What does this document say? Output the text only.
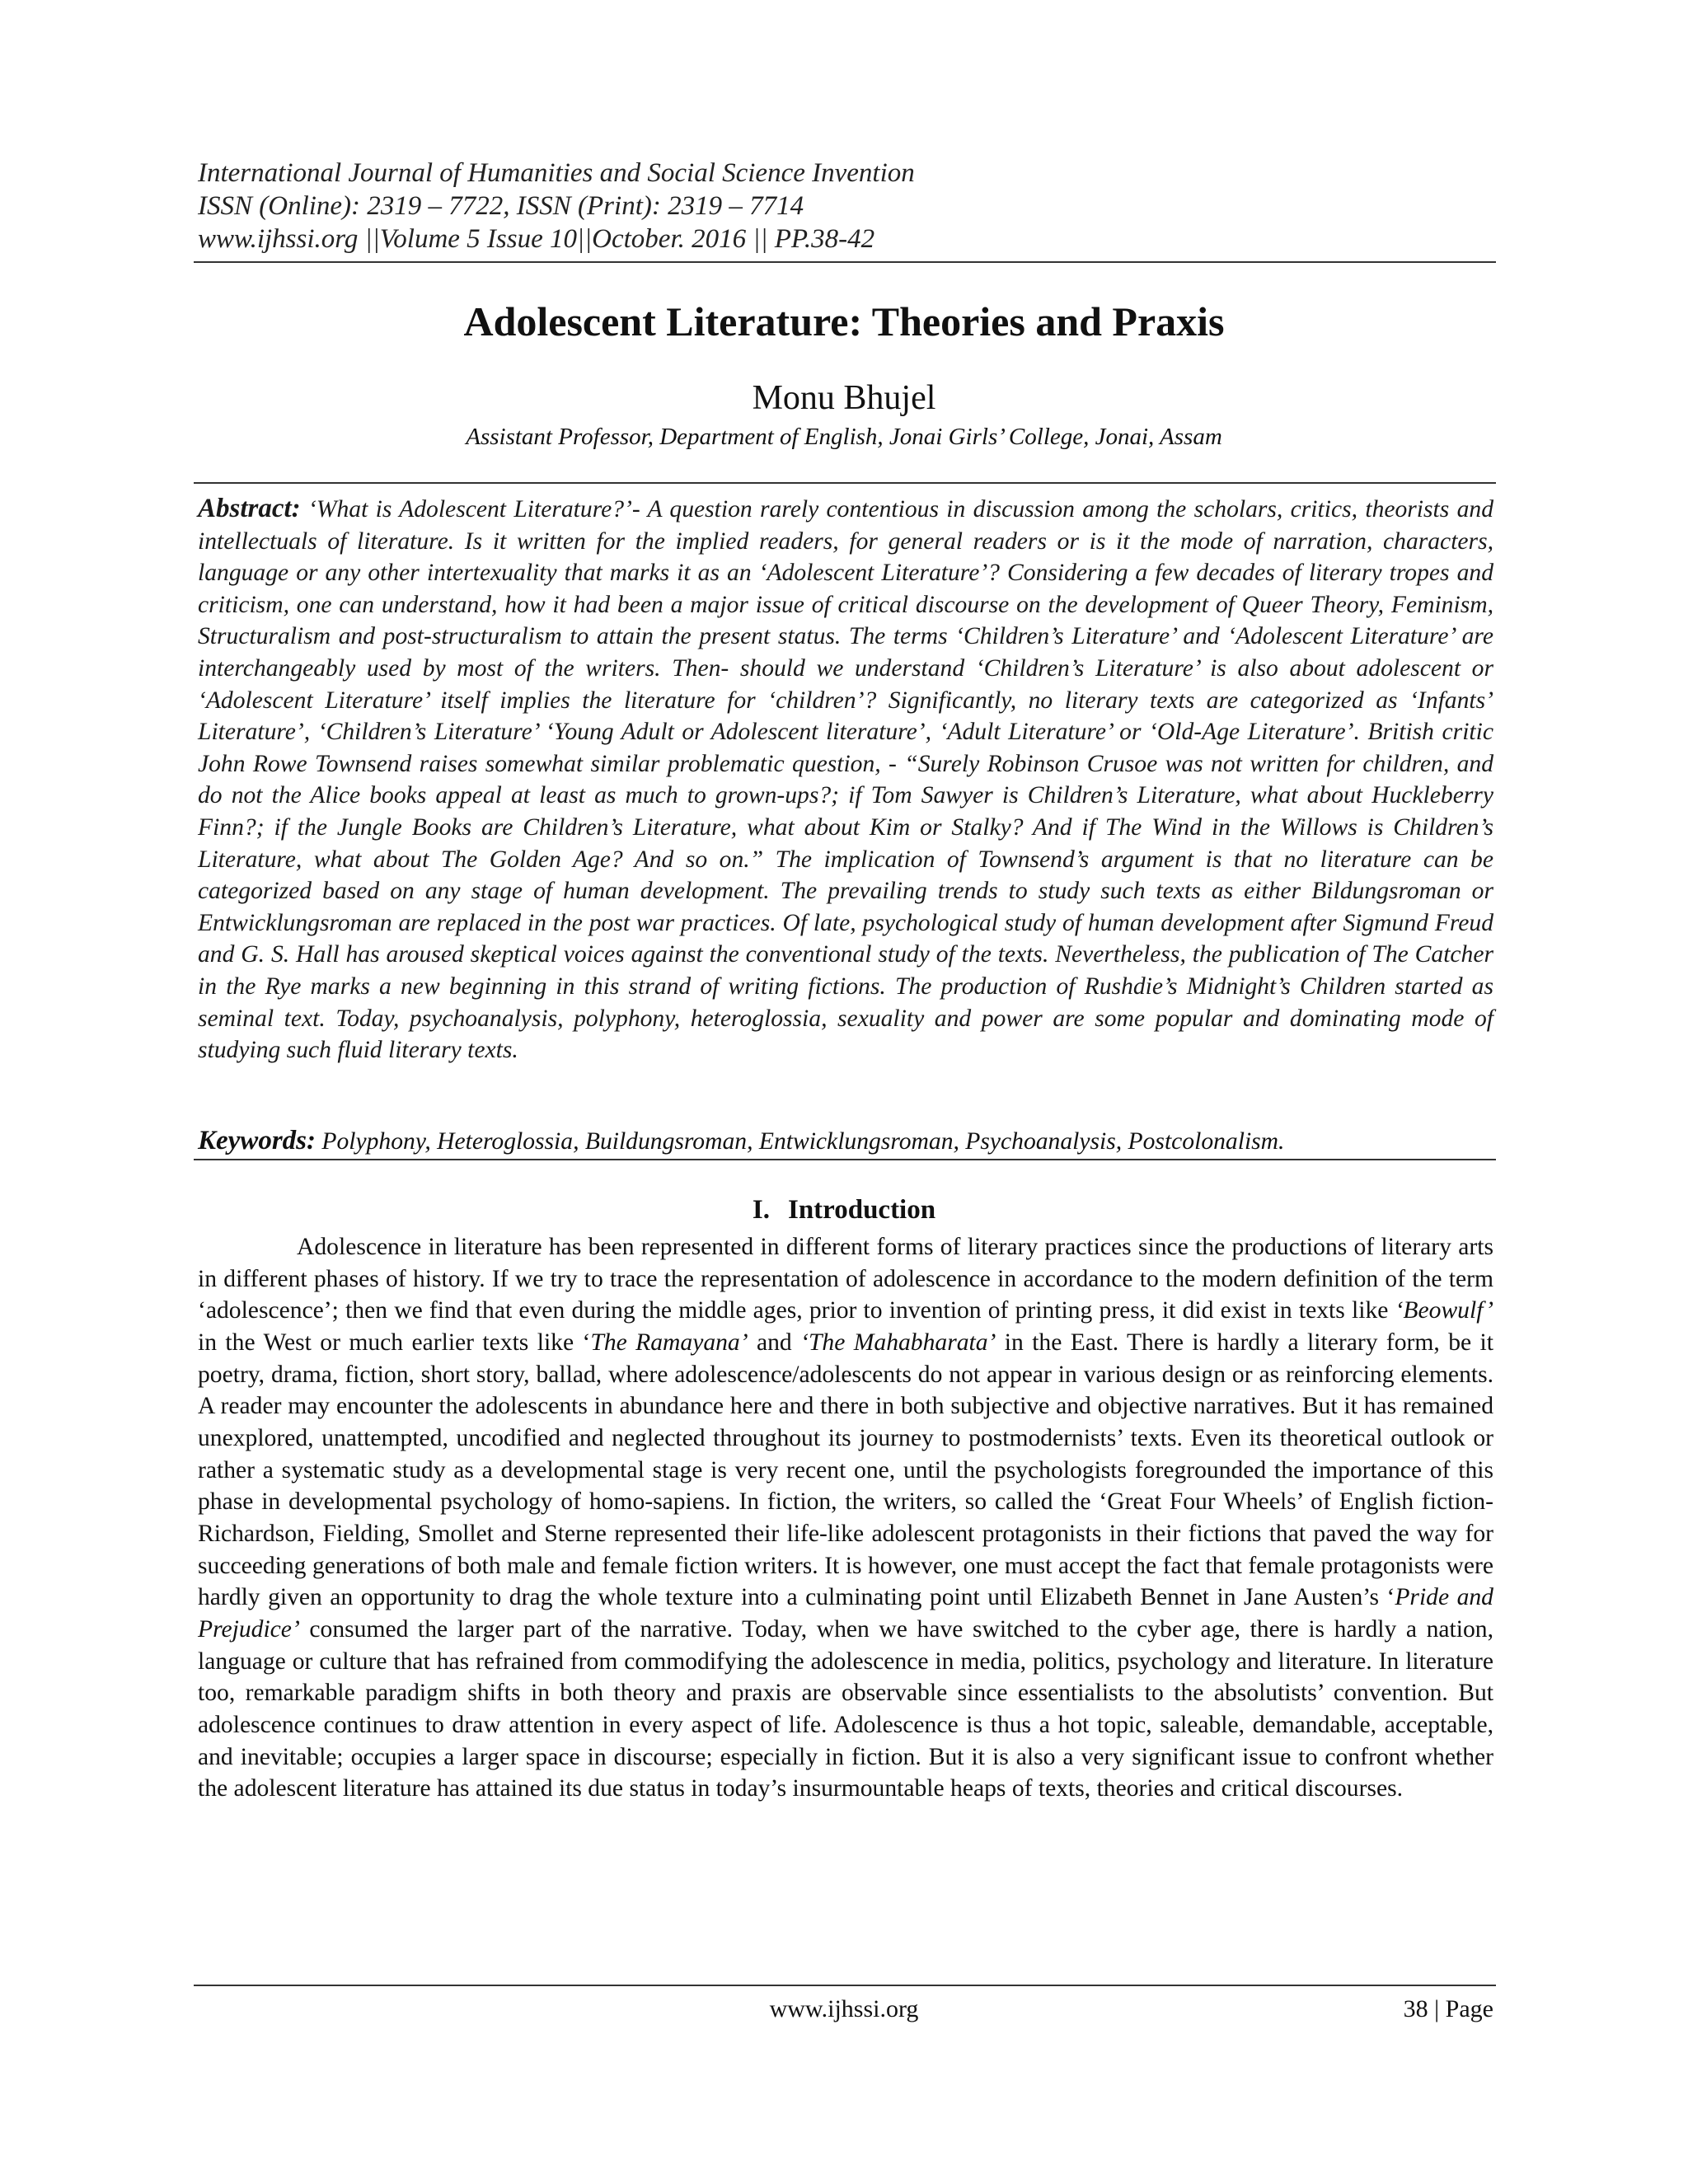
International Journal of Humanities and Social Science Invention
ISSN (Online): 2319 – 7722, ISSN (Print): 2319 – 7714
www.ijhssi.org ||Volume 5 Issue 10||October. 2016 || PP.38-42
Adolescent Literature: Theories and Praxis
Monu Bhujel
Assistant Professor, Department of English, Jonai Girls’ College, Jonai, Assam
Abstract: ‘What is Adolescent Literature?’- A question rarely contentious in discussion among the scholars, critics, theorists and intellectuals of literature. Is it written for the implied readers, for general readers or is it the mode of narration, characters, language or any other intertexuality that marks it as an ‘Adolescent Literature’? Considering a few decades of literary tropes and criticism, one can understand, how it had been a major issue of critical discourse on the development of Queer Theory, Feminism, Structuralism and post-structuralism to attain the present status. The terms ‘Children’s Literature’ and ‘Adolescent Literature’ are interchangeably used by most of the writers. Then- should we understand ‘Children’s Literature’ is also about adolescent or ‘Adolescent Literature’ itself implies the literature for ‘children’? Significantly, no literary texts are categorized as ‘Infants’ Literature’, ‘Children’s Literature’ ‘Young Adult or Adolescent literature’, ‘Adult Literature’ or ‘Old-Age Literature’. British critic John Rowe Townsend raises somewhat similar problematic question, - “Surely Robinson Crusoe was not written for children, and do not the Alice books appeal at least as much to grown-ups?; if Tom Sawyer is Children’s Literature, what about Huckleberry Finn?; if the Jungle Books are Children’s Literature, what about Kim or Stalky? And if The Wind in the Willows is Children’s Literature, what about The Golden Age? And so on.” The implication of Townsend’s argument is that no literature can be categorized based on any stage of human development. The prevailing trends to study such texts as either Bildungsroman or Entwicklungsroman are replaced in the post war practices. Of late, psychological study of human development after Sigmund Freud and G. S. Hall has aroused skeptical voices against the conventional study of the texts. Nevertheless, the publication of The Catcher in the Rye marks a new beginning in this strand of writing fictions. The production of Rushdie’s Midnight’s Children started as seminal text. Today, psychoanalysis, polyphony, heteroglossia, sexuality and power are some popular and dominating mode of studying such fluid literary texts.
Keywords: Polyphony, Heteroglossia, Buildungsroman, Entwicklungsroman, Psychoanalysis, Postcolonalism.
I. Introduction
Adolescence in literature has been represented in different forms of literary practices since the productions of literary arts in different phases of history. If we try to trace the representation of adolescence in accordance to the modern definition of the term ‘adolescence’; then we find that even during the middle ages, prior to invention of printing press, it did exist in texts like ‘Beowulf’ in the West or much earlier texts like ‘The Ramayana’ and ‘The Mahabharata’ in the East. There is hardly a literary form, be it poetry, drama, fiction, short story, ballad, where adolescence/adolescents do not appear in various design or as reinforcing elements. A reader may encounter the adolescents in abundance here and there in both subjective and objective narratives. But it has remained unexplored, unattempted, uncodified and neglected throughout its journey to postmodernists’ texts. Even its theoretical outlook or rather a systematic study as a developmental stage is very recent one, until the psychologists foregrounded the importance of this phase in developmental psychology of homo-sapiens. In fiction, the writers, so called the ‘Great Four Wheels’ of English fiction- Richardson, Fielding, Smollet and Sterne represented their life-like adolescent protagonists in their fictions that paved the way for succeeding generations of both male and female fiction writers. It is however, one must accept the fact that female protagonists were hardly given an opportunity to drag the whole texture into a culminating point until Elizabeth Bennet in Jane Austen’s ‘Pride and Prejudice’ consumed the larger part of the narrative. Today, when we have switched to the cyber age, there is hardly a nation, language or culture that has refrained from commodifying the adolescence in media, politics, psychology and literature. In literature too, remarkable paradigm shifts in both theory and praxis are observable since essentialists to the absolutists’ convention. But adolescence continues to draw attention in every aspect of life. Adolescence is thus a hot topic, saleable, demandable, acceptable, and inevitable; occupies a larger space in discourse; especially in fiction. But it is also a very significant issue to confront whether the adolescent literature has attained its due status in today’s insurmountable heaps of texts, theories and critical discourses.
www.ijhssi.org	38 | Page
